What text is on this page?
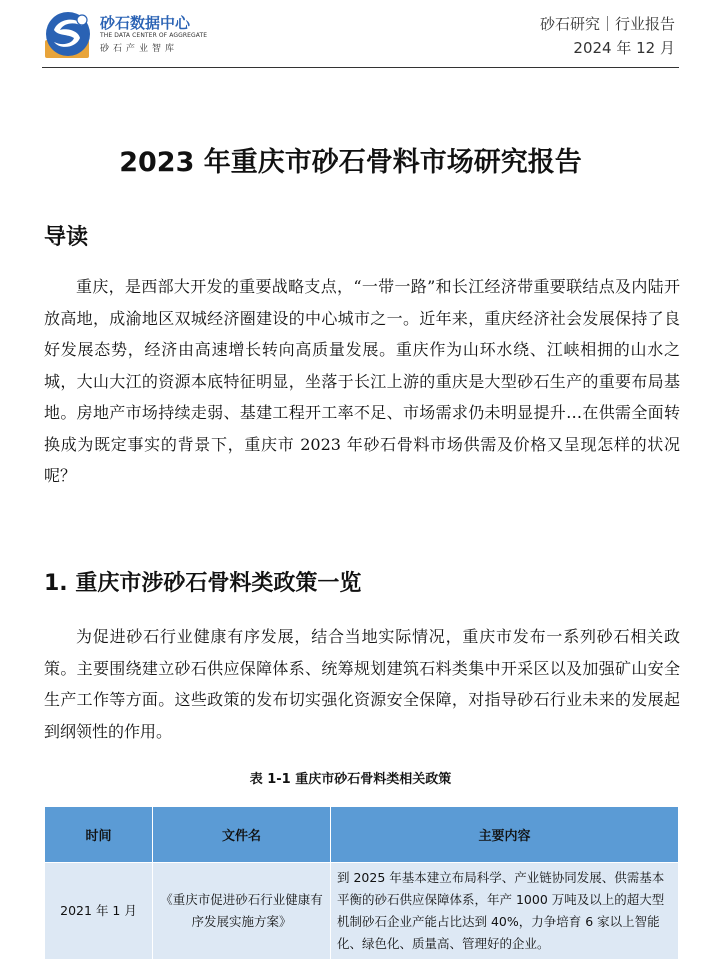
砂石数据中心
THE DATA CENTER OF AGGREGATE
砂石产业智库
砂石研究｜行业报告
2024 年 12 月
2023 年重庆市砂石骨料市场研究报告
导读
重庆，是西部大开发的重要战略支点，“一带一路”和长江经济带重要联结点及内陆开放高地，成渝地区双城经济圈建设的中心城市之一。近年来，重庆经济社会发展保持了良好发展态势，经济由高速增长转向高质量发展。重庆作为山环水绕、江峡相拥的山水之城，大山大江的资源本底特征明显，坐落于长江上游的重庆是大型砂石生产的重要布局基地。房地产市场持续走弱、基建工程开工率不足、市场需求仍未明显提升…在供需全面转换成为既定事实的背景下，重庆市 2023 年砂石骨料市场供需及价格又呈现怎样的状况呢？
1. 重庆市涉砂石骨料类政策一览
为促进砂石行业健康有序发展，结合当地实际情况，重庆市发布一系列砂石相关政策。主要围绕建立砂石供应保障体系、统筹规划建筑石料类集中开采区以及加强矿山安全生产工作等方面。这些政策的发布切实强化资源安全保障，对指导砂石行业未来的发展起到纲领性的作用。
表 1-1 重庆市砂石骨料类相关政策
时间	文件名	主要内容
2021 年 1 月	《重庆市促进砂石行业健康有序发展实施方案》	到 2025 年基本建立布局科学、产业链协同发展、供需基本平衡的砂石供应保障体系，年产 1000 万吨及以上的超大型机制砂石企业产能占比达到 40%，力争培育 6 家以上智能化、绿色化、质量高、管理好的企业。
